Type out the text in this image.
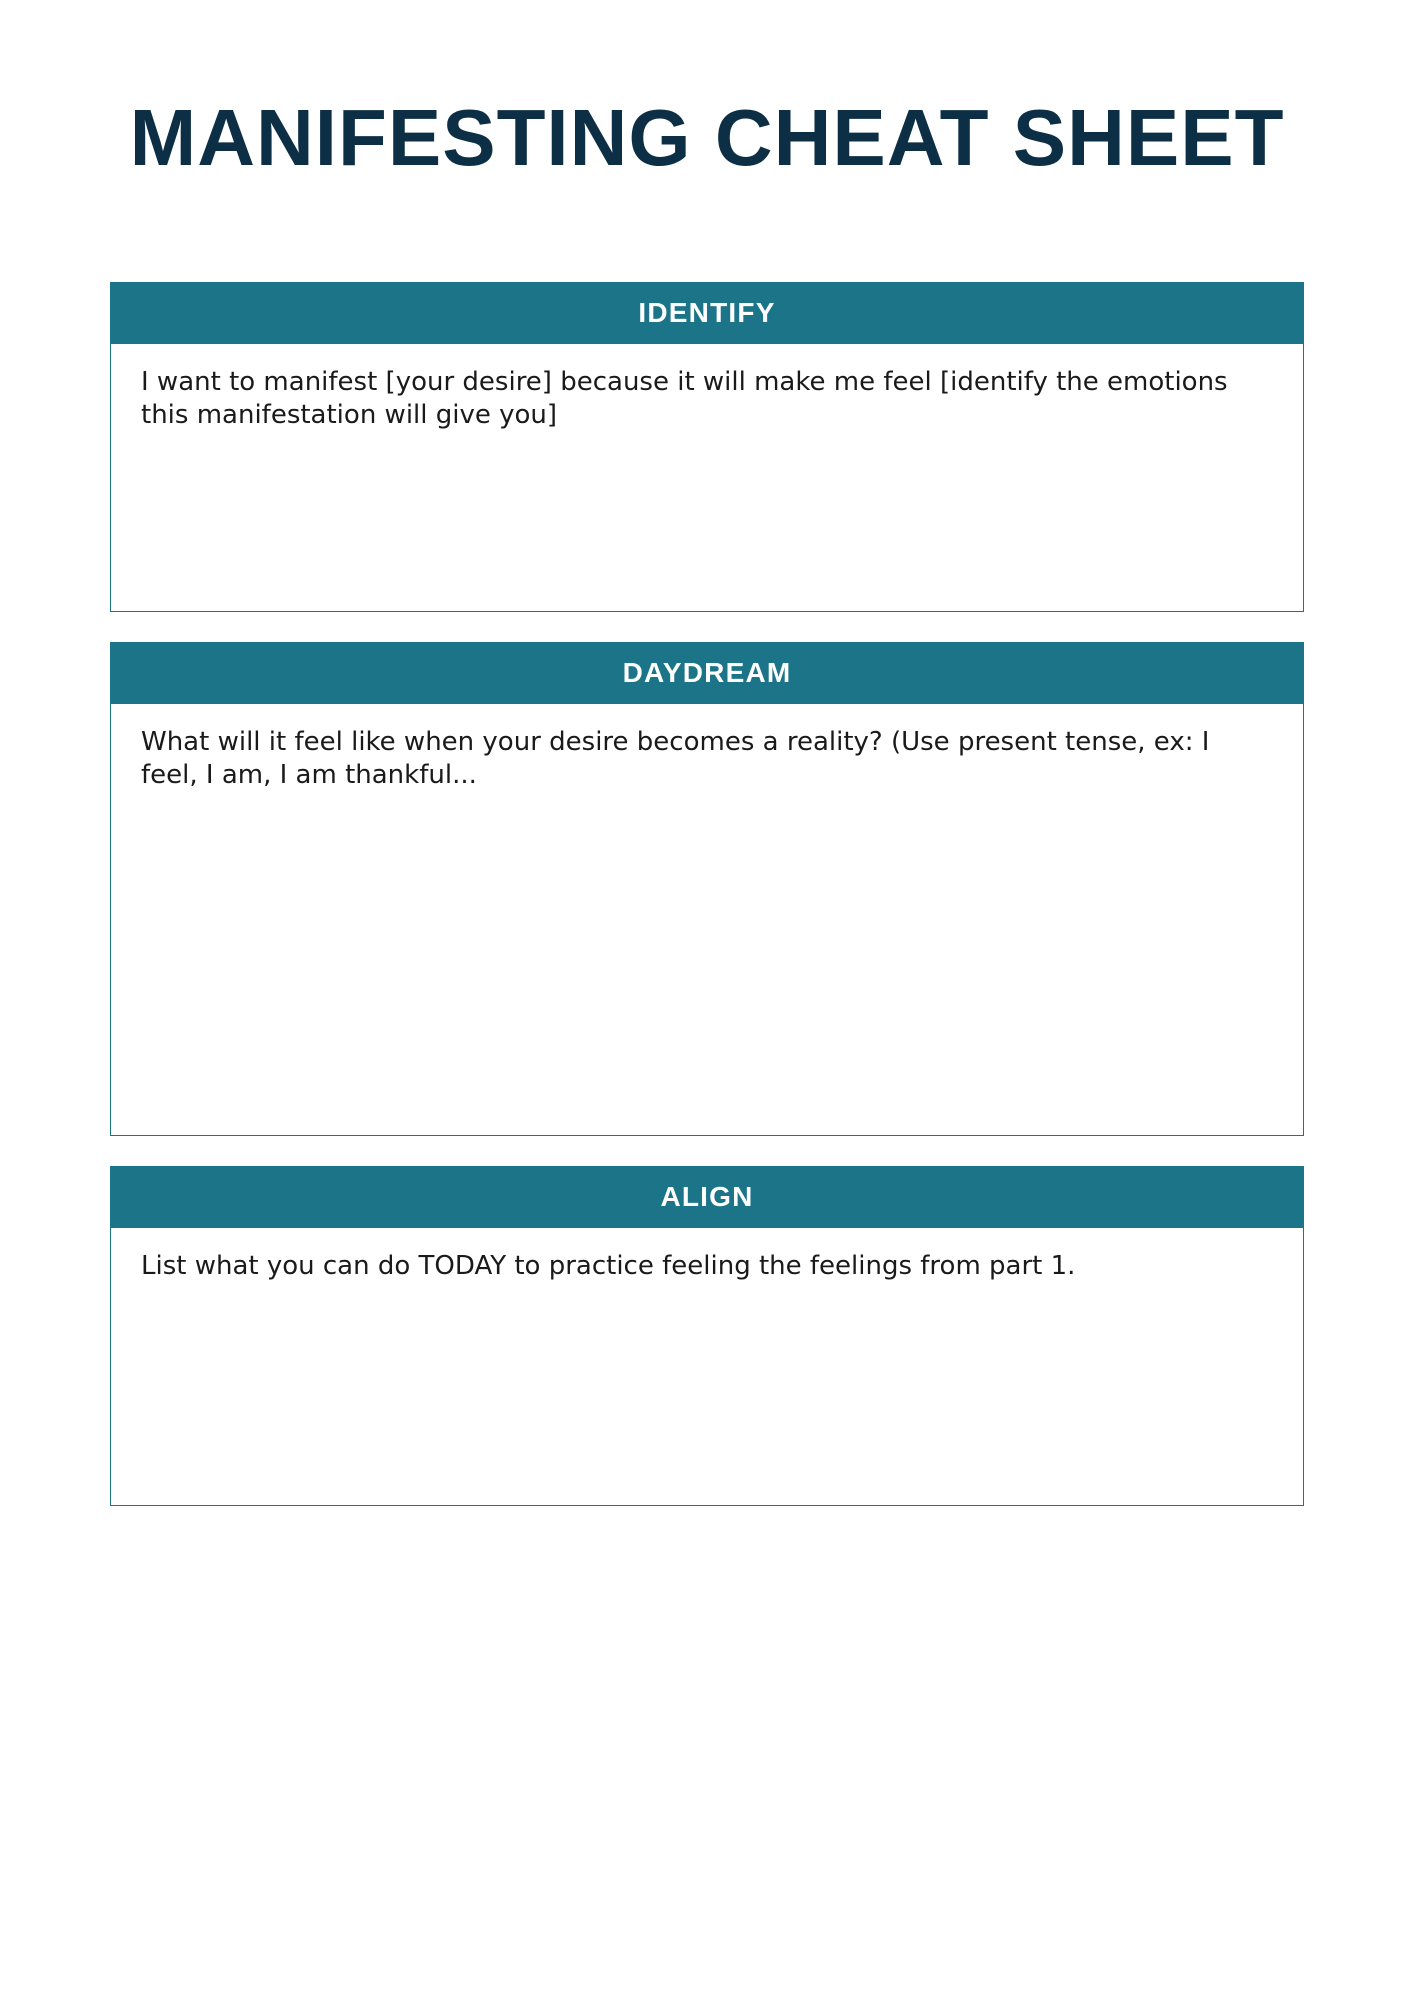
MANIFESTING CHEAT SHEET
IDENTIFY

I want to manifest [your desire] because it will make me feel [identify the emotions this manifestation will give you]

DAYDREAM

What will it feel like when your desire becomes a reality? (Use present tense, ex: I feel, I am, I am thankful...

ALIGN

List what you can do TODAY to practice feeling the feelings from part 1.
